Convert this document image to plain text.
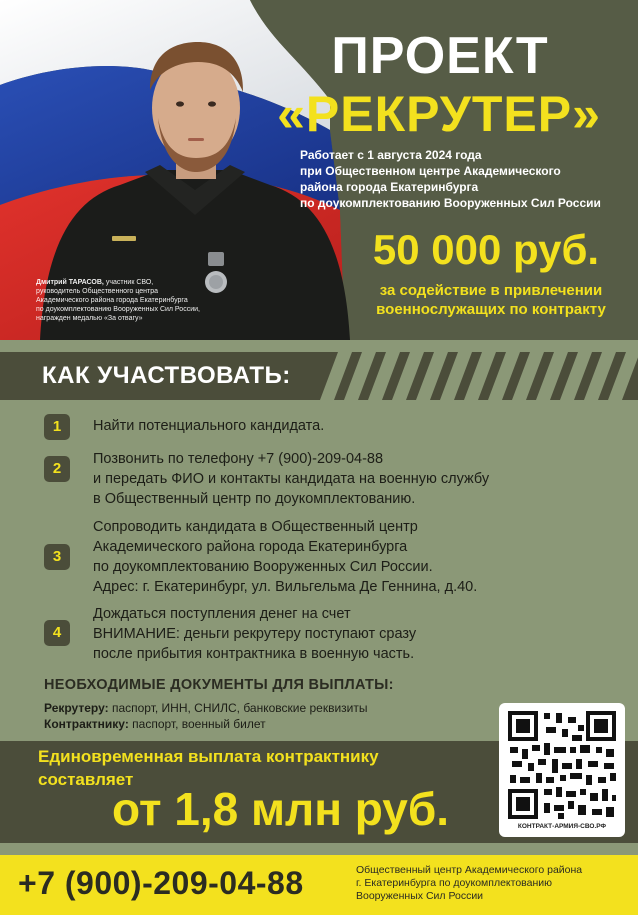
ПРОЕКТ
«РЕКРУТЕР»
Работает с 1 августа 2024 года
при Общественном центре Академического
района города Екатеринбурга
по доукомплектованию Вооруженных Сил России
50 000 руб.
за содействие в привлечении
военнослужащих по контракту
Дмитрий ТАРАСОВ, участник СВО,
руководитель Общественного центра
Академического района города Екатеринбурга
по доукомплектованию Вооруженных Сил России,
награжден медалью «За отвагу»
КАК УЧАСТВОВАТЬ:
1	Найти потенциального кандидата.
2
Позвонить по телефону +7 (900)-209-04-88
и передать ФИО и контакты кандидата на военную службу
в Общественный центр по доукомплектованию.
3
Сопроводить кандидата в Общественный центр
Академического района города Екатеринбурга
по доукомплектованию Вооруженных Сил России.
Адрес: г. Екатеринбург, ул. Вильгельма Де Геннина, д.40.
4
Дождаться поступления денег на счет
ВНИМАНИЕ: деньги рекрутеру поступают сразу
после прибытия контрактника в военную часть.
НЕОБХОДИМЫЕ ДОКУМЕНТЫ ДЛЯ ВЫПЛАТЫ:
Рекрутеру: паспорт, ИНН, СНИЛС, банковские реквизиты
Контрактнику: паспорт, военный билет
Единовременная выплата контрактнику
составляет
от 1,8 млн руб.	КОНТРАКТ-АРМИЯ-СВО.РФ
+7 (900)-209-04-88	Общественный центр Академического района
г. Екатеринбурга по доукомплектованию
Вооруженных Сил России
